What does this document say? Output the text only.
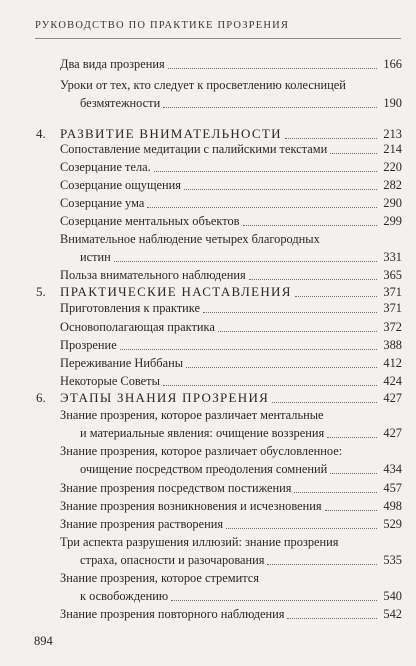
РУКОВОДСТВО ПО ПРАКТИКЕ ПРОЗРЕНИЯ
Два вида прозрения	166
Уроки от тех, кто следует к просветлению колесницей
безмятежности	190
4. РАЗВИТИЕ ВНИМАТЕЛЬНОСТИ	213
Сопоставление медитации с палийскими текстами	214
Созерцание тела.	220
Созерцание ощущения	282
Созерцание ума	290
Созерцание ментальных объектов	299
Внимательное наблюдение четырех благородных
истин	331
Польза внимательного наблюдения	365
5. ПРАКТИЧЕСКИЕ НАСТАВЛЕНИЯ	371
Приготовления к практике	371
Основополагающая практика	372
Прозрение	388
Переживание Ниббаны	412
Некоторые Советы	424
6. ЭТАПЫ ЗНАНИЯ ПРОЗРЕНИЯ	427
Знание прозрения, которое различает ментальные
и материальные явления: очищение воззрения	427
Знание прозрения, которое различает обусловленное:
очищение посредством преодоления сомнений	434
Знание прозрения посредством постижения	457
Знание прозрения возникновения и исчезновения	498
Знание прозрения растворения	529
Три аспекта разрушения иллюзий: знание прозрения
страха, опасности и разочарования	535
Знание прозрения, которое стремится
к освобождению	540
Знание прозрения повторного наблюдения	542
894
